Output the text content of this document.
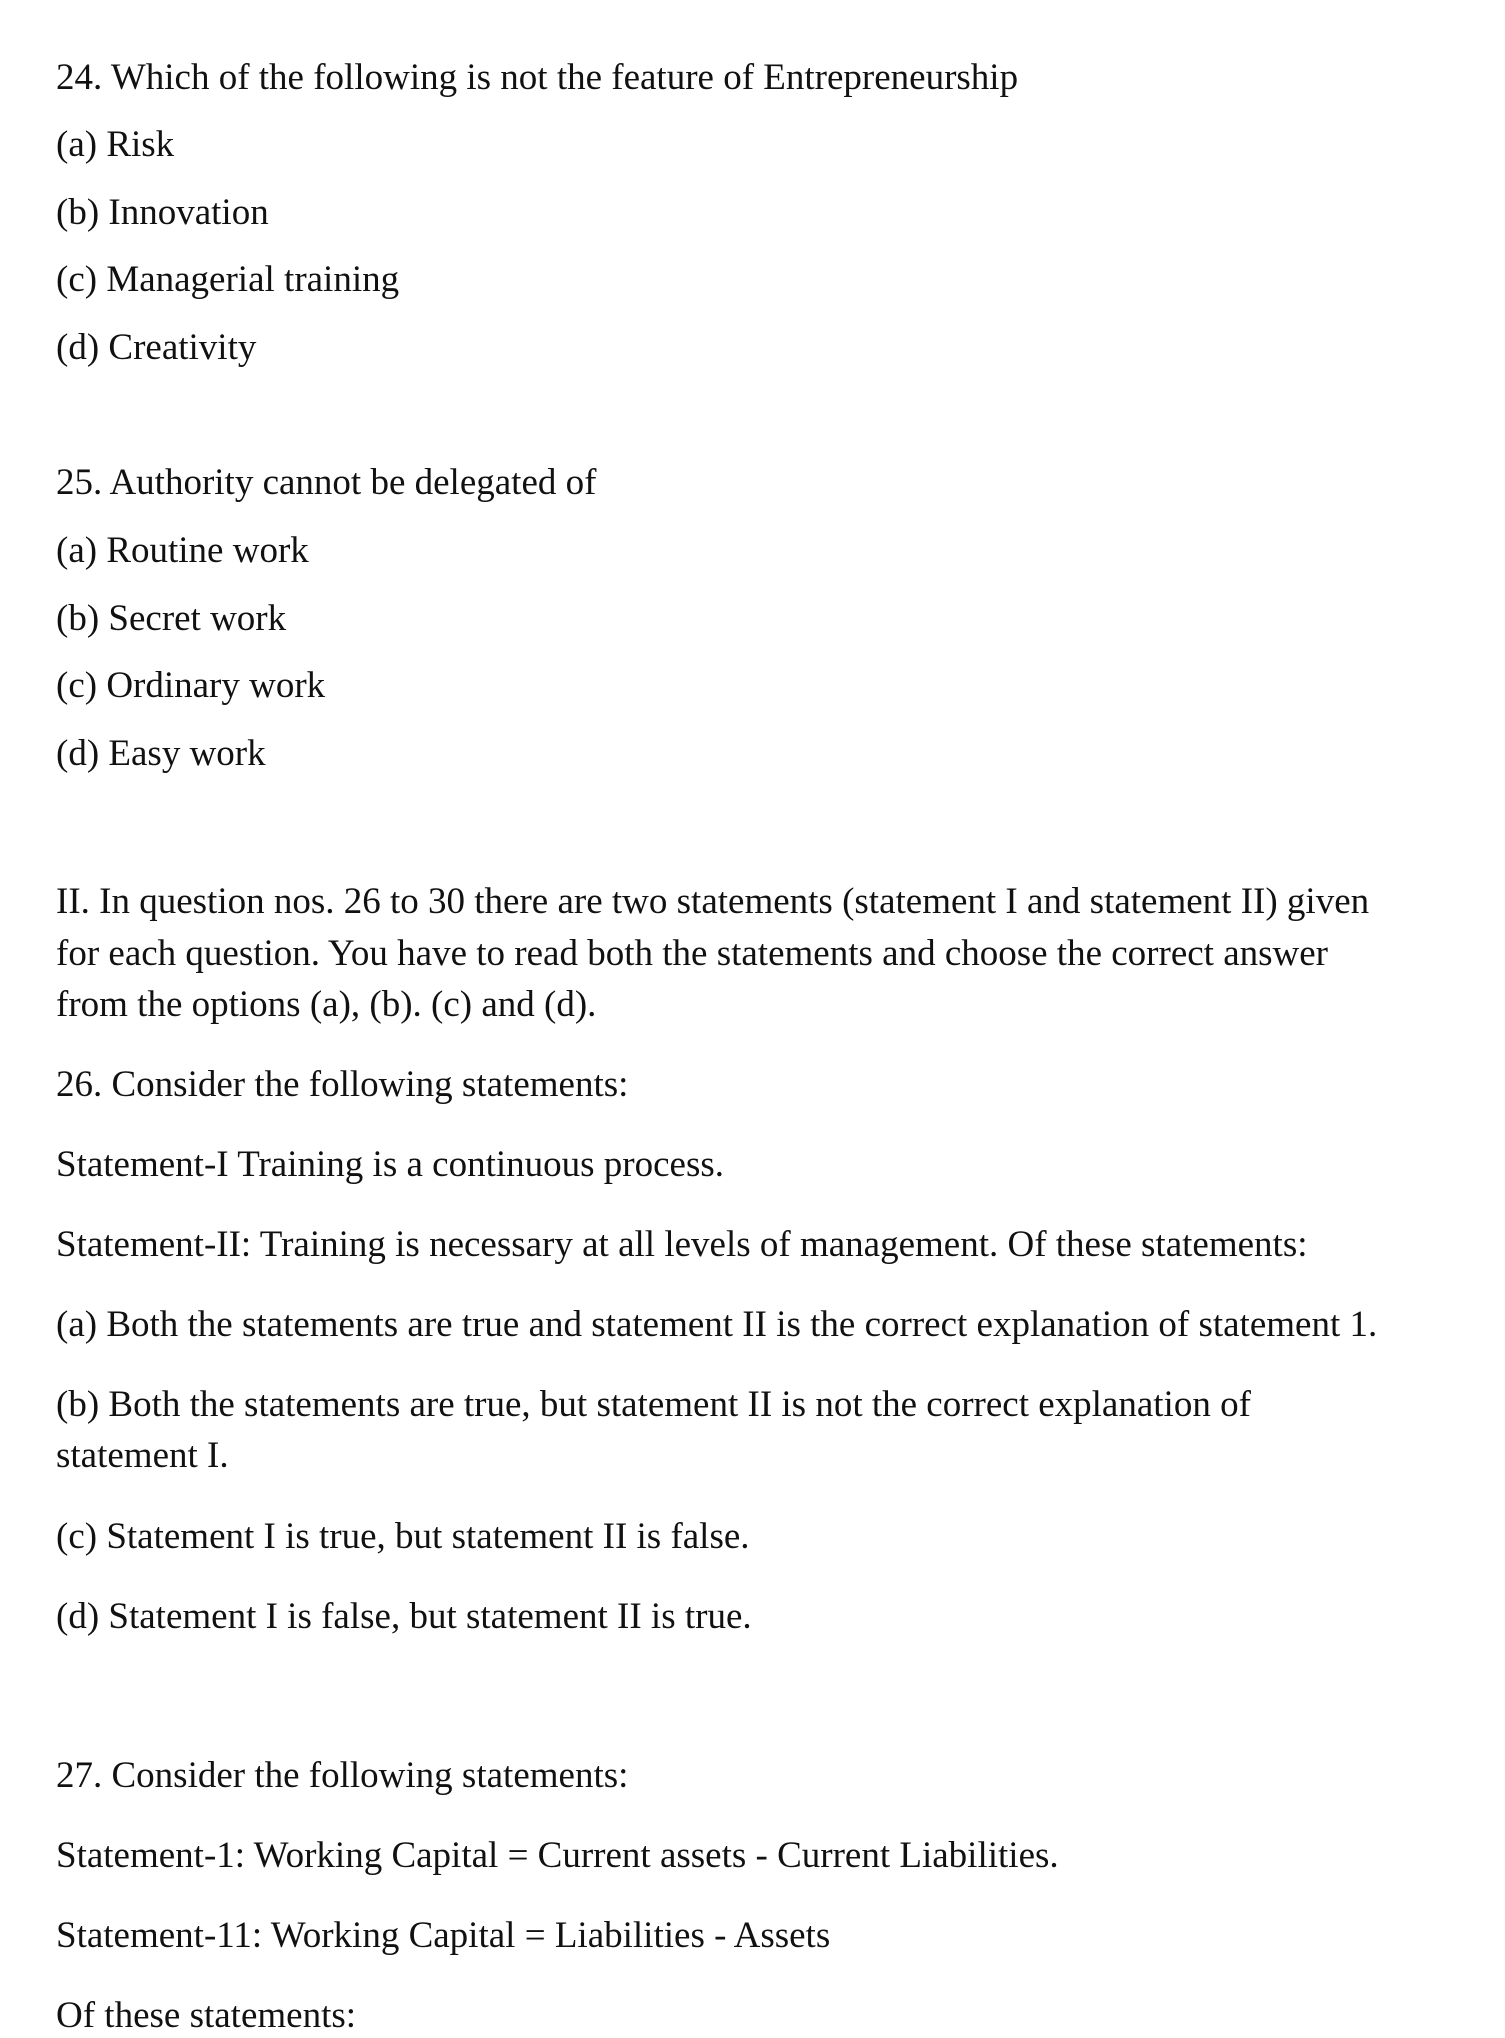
24. Which of the following is not the feature of Entrepreneurship
(a) Risk
(b) Innovation
(c) Managerial training
(d) Creativity
25. Authority cannot be delegated of
(a) Routine work
(b) Secret work
(c) Ordinary work
(d) Easy work
II. In question nos. 26 to 30 there are two statements (statement I and statement II) given
for each question. You have to read both the statements and choose the correct answer
from the options (a), (b). (c) and (d).
26. Consider the following statements:
Statement-I Training is a continuous process.
Statement-II: Training is necessary at all levels of management. Of these statements:
(a) Both the statements are true and statement II is the correct explanation of statement 1.
(b) Both the statements are true, but statement II is not the correct explanation of
statement I.
(c) Statement I is true, but statement II is false.
(d) Statement I is false, but statement II is true.
27. Consider the following statements:
Statement-1: Working Capital = Current assets - Current Liabilities.
Statement-11: Working Capital = Liabilities - Assets
Of these statements:
